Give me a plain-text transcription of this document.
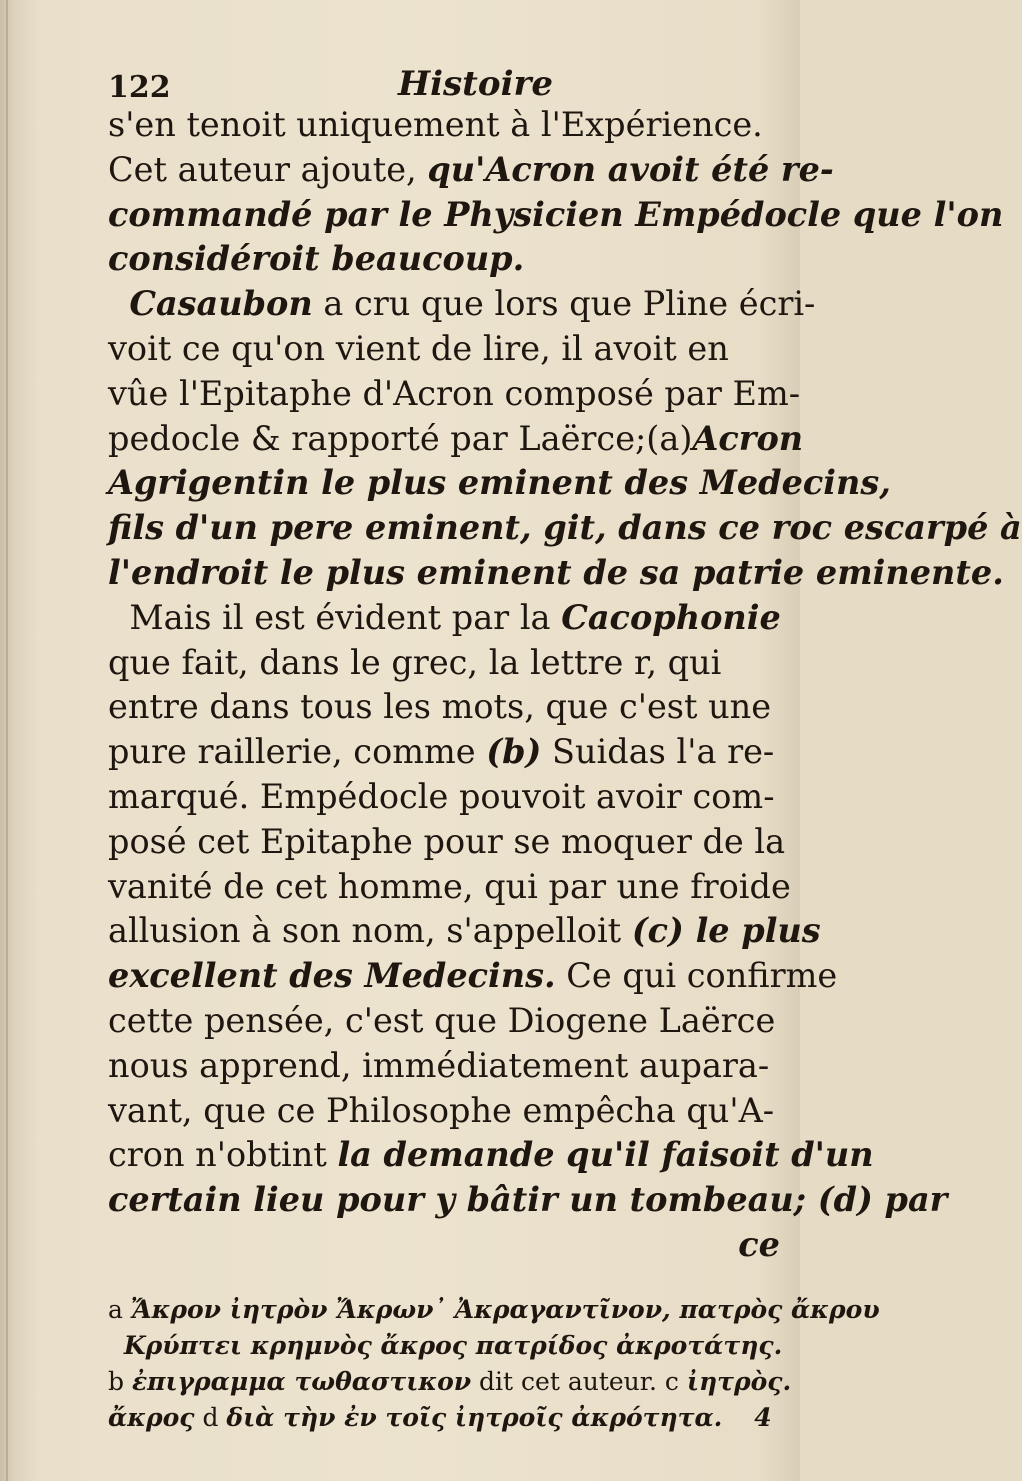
122	Histoire
s'en tenoit uniquement à l'Expérience.
Cet auteur ajoute, qu'Acron avoit été re-
commandé par le Physicien Empédocle que l'on
considéroit beaucoup.
Casaubon a cru que lors que Pline écri-
voit ce qu'on vient de lire, il avoit en
vûe l'Epitaphe d'Acron composé par Em-
pedocle & rapporté par Laërce;(a)Acron
Agrigentin le plus eminent des Medecins,
fils d'un pere eminent, git, dans ce roc escarpé à
l'endroit le plus eminent de sa patrie eminente.
Mais il est évident par la Cacophonie
que fait, dans le grec, la lettre r, qui
entre dans tous les mots, que c'est une
pure raillerie, comme (b) Suidas l'a re-
marqué. Empédocle pouvoit avoir com-
posé cet Epitaphe pour se moquer de la
vanité de cet homme, qui par une froide
allusion à son nom, s'appelloit (c) le plus
excellent des Medecins. Ce qui confirme
cette pensée, c'est que Diogene Laërce
nous apprend, immédiatement aupara-
vant, que ce Philosophe empêcha qu'A-
cron n'obtint la demande qu'il faisoit d'un
certain lieu pour y bâtir un tombeau; (d) par
ce
a Ἄκρον ἰητρὸν Ἄκρων᾽ Ἀκραγαντῖνον, πατρὸς ἄκρου
Κρύπτει κρημνὸς ἄκρος πατρίδος ἀκροτάτης.
b ἐπιγραμμα τωθαστικον dit cet auteur. c ἰητρὸς.
ἄκρος d διὰ τὴν ἐν τοῖς ἰητροῖς ἀκρότητα. 4
